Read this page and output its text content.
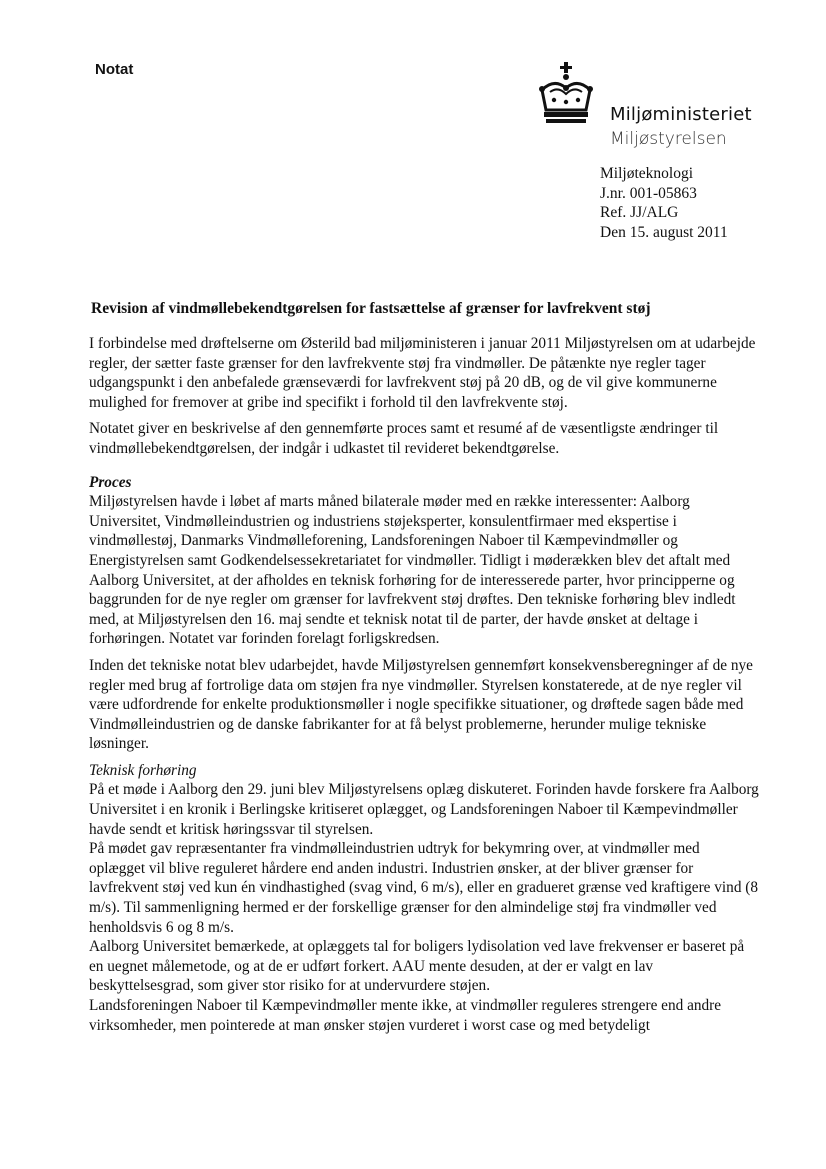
Notat
Miljøministeriet
Miljøstyrelsen
Miljøteknologi
J.nr. 001-05863
Ref. JJ/ALG
Den 15. august 2011
Revision af vindmøllebekendtgørelsen for fastsættelse af grænser for lavfrekvent støj

I forbindelse med drøftelserne om Østerild bad miljøministeren i januar 2011 Miljøstyrelsen om at udarbejde regler, der sætter faste grænser for den lavfrekvente støj fra vindmøller. De påtænkte nye regler tager udgangspunkt i den anbefalede grænseværdi for lavfrekvent støj på 20 dB, og de vil give kommunerne mulighed for fremover at gribe ind specifikt i forhold til den lavfrekvente støj.

Notatet giver en beskrivelse af den gennemførte proces samt et resumé af de væsentligste ændringer til vindmøllebekendtgørelsen, der indgår i udkastet til revideret bekendtgørelse.

Proces

Miljøstyrelsen havde i løbet af marts måned bilaterale møder med en række interessenter: Aalborg Universitet, Vindmølleindustrien og industriens støjeksperter, konsulentfirmaer med ekspertise i vindmøllestøj, Danmarks Vindmølleforening, Landsforeningen Naboer til Kæmpevindmøller og Energistyrelsen samt Godkendelsessekretariatet for vindmøller. Tidligt i møderækken blev det aftalt med Aalborg Universitet, at der afholdes en teknisk forhøring for de interesserede parter, hvor principperne og baggrunden for de nye regler om grænser for lavfrekvent støj drøftes. Den tekniske forhøring blev indledt med, at Miljøstyrelsen den 16. maj sendte et teknisk notat til de parter, der havde ønsket at deltage i forhøringen. Notatet var forinden forelagt forligskredsen.

Inden det tekniske notat blev udarbejdet, havde Miljøstyrelsen gennemført konsekvensberegninger af de nye regler med brug af fortrolige data om støjen fra nye vindmøller. Styrelsen konstaterede, at de nye regler vil være udfordrende for enkelte produktionsmøller i nogle specifikke situationer, og drøftede sagen både med Vindmølleindustrien og de danske fabrikanter for at få belyst problemerne, herunder mulige tekniske løsninger.

Teknisk forhøring

På et møde i Aalborg den 29. juni blev Miljøstyrelsens oplæg diskuteret. Forinden havde forskere fra Aalborg Universitet i en kronik i Berlingske kritiseret oplægget, og Landsforeningen Naboer til Kæmpevindmøller havde sendt et kritisk høringssvar til styrelsen.

På mødet gav repræsentanter fra vindmølleindustrien udtryk for bekymring over, at vindmøller med oplægget vil blive reguleret hårdere end anden industri. Industrien ønsker, at der bliver grænser for lavfrekvent støj ved kun én vindhastighed (svag vind, 6 m/s), eller en gradueret grænse ved kraftigere vind (8 m/s). Til sammenligning hermed er der forskellige grænser for den almindelige støj fra vindmøller ved henholdsvis 6 og 8 m/s.

Aalborg Universitet bemærkede, at oplæggets tal for boligers lydisolation ved lave frekvenser er baseret på en uegnet målemetode, og at de er udført forkert. AAU mente desuden, at der er valgt en lav beskyttelsesgrad, som giver stor risiko for at undervurdere støjen.

Landsforeningen Naboer til Kæmpevindmøller mente ikke, at vindmøller reguleres strengere end andre virksomheder, men pointerede at man ønsker støjen vurderet i worst case og med betydeligt
